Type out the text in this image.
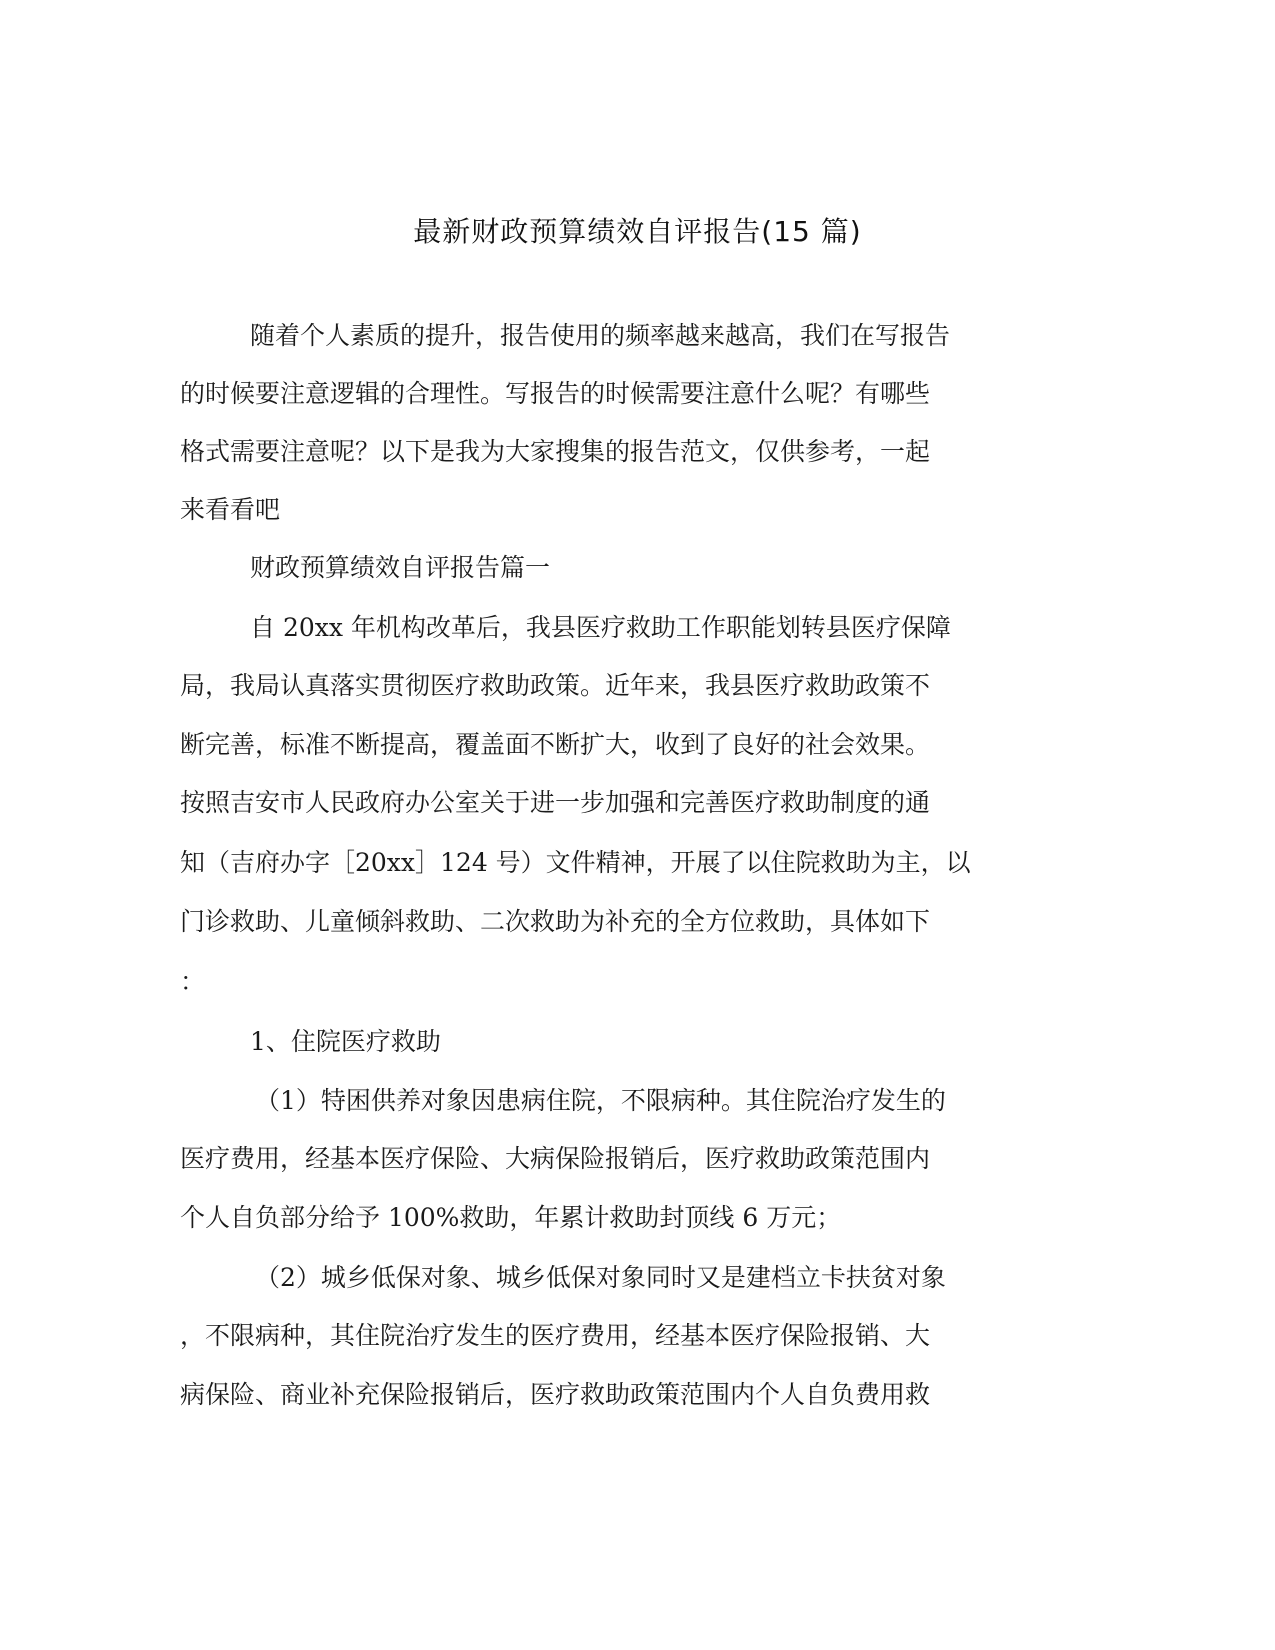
最新财政预算绩效自评报告(15 篇)
随着个人素质的提升，报告使用的频率越来越高，我们在写报告
的时候要注意逻辑的合理性。写报告的时候需要注意什么呢？有哪些
格式需要注意呢？以下是我为大家搜集的报告范文，仅供参考，一起
来看看吧
财政预算绩效自评报告篇一
自 20xx 年机构改革后，我县医疗救助工作职能划转县医疗保障
局，我局认真落实贯彻医疗救助政策。近年来，我县医疗救助政策不
断完善，标准不断提高，覆盖面不断扩大，收到了良好的社会效果。
按照吉安市人民政府办公室关于进一步加强和完善医疗救助制度的通
知（吉府办字［20xx］124 号）文件精神，开展了以住院救助为主，以
门诊救助、儿童倾斜救助、二次救助为补充的全方位救助，具体如下
：
1、住院医疗救助
（1）特困供养对象因患病住院，不限病种。其住院治疗发生的
医疗费用，经基本医疗保险、大病保险报销后，医疗救助政策范围内
个人自负部分给予 100%救助，年累计救助封顶线 6 万元；
（2）城乡低保对象、城乡低保对象同时又是建档立卡扶贫对象
，不限病种，其住院治疗发生的医疗费用，经基本医疗保险报销、大
病保险、商业补充保险报销后，医疗救助政策范围内个人自负费用救
